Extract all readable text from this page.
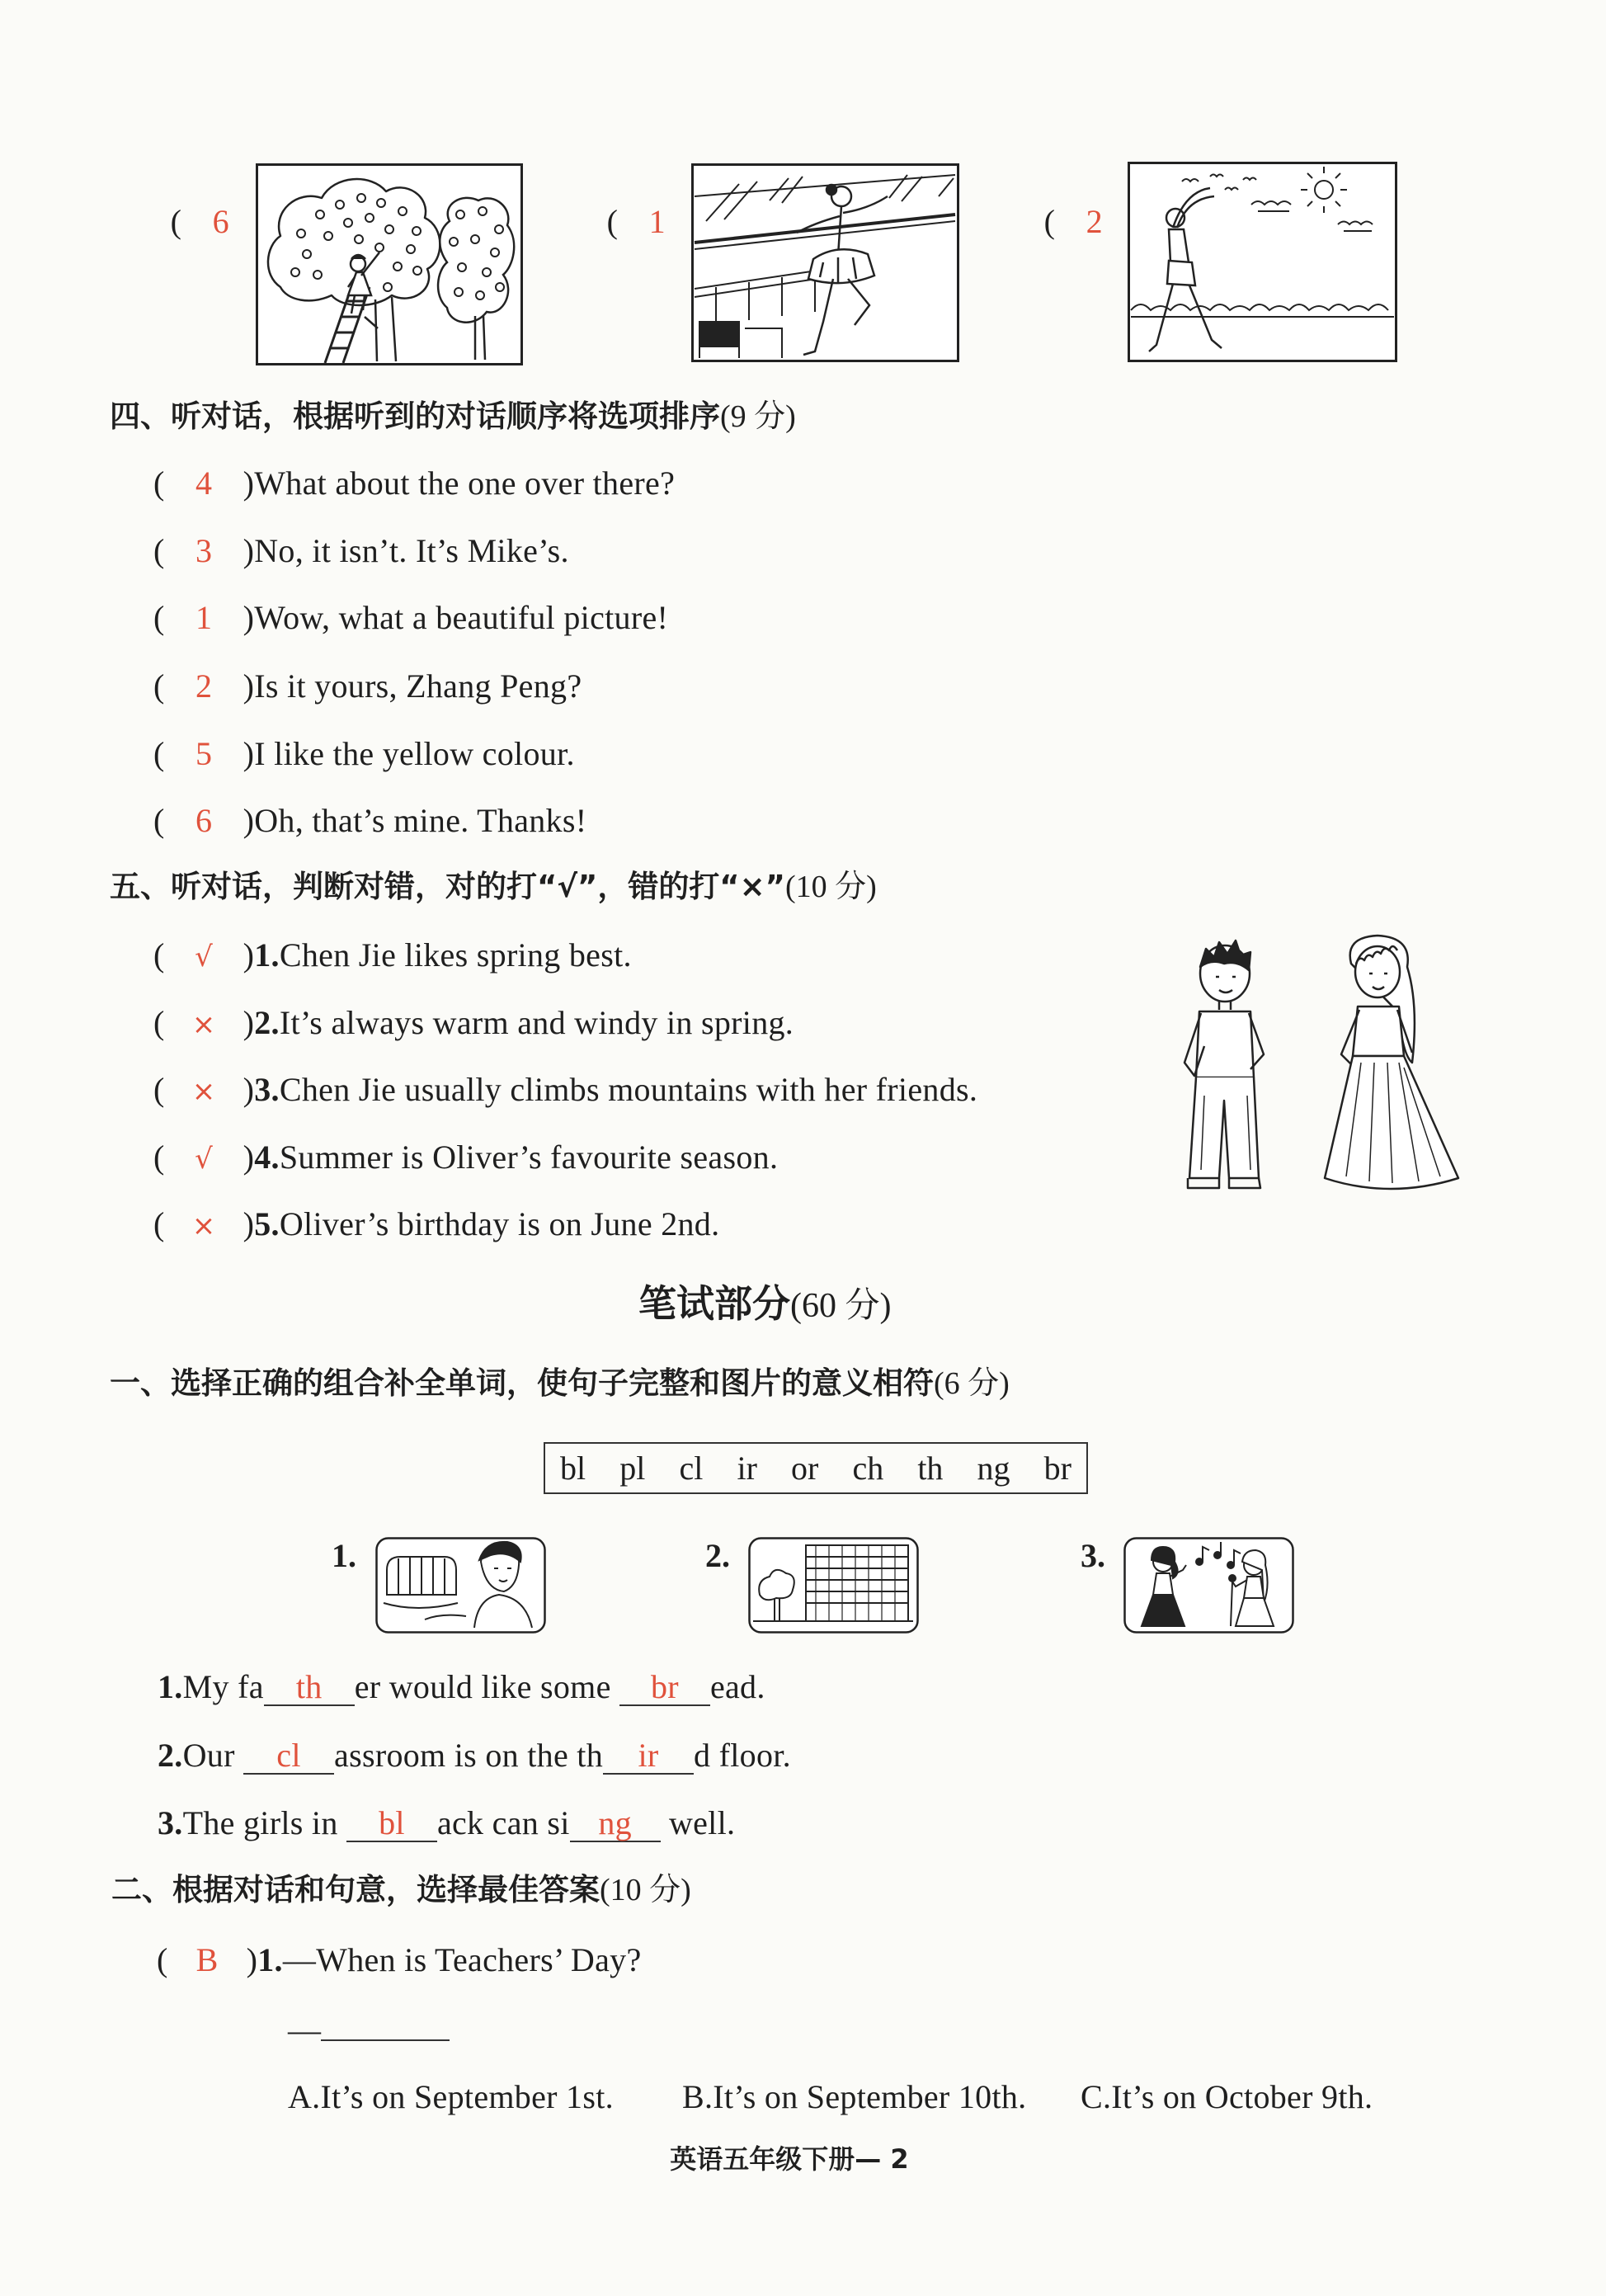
( 6	( 1	( 2

四、听对话，根据听到的对话顺序将选项排序(9 分)
( 4 )What about the one over there?
( 3 )No, it isn’t. It’s Mike’s.
( 1 )Wow, what a beautiful picture!
( 2 )Is it yours, Zhang Peng?
( 5 )I like the yellow colour.
( 6 )Oh, that’s mine. Thanks!
五、听对话，判断对错，对的打“√”，错的打“×”(10 分)
( √ )1.Chen Jie likes spring best.
( × )2.It’s always warm and windy in spring.
( × )3.Chen Jie usually climbs mountains with her friends.
( √ )4.Summer is Oliver’s favourite season.
( × )5.Oliver’s birthday is on June 2nd.
笔试部分(60 分)
一、选择正确的组合补全单词，使句子完整和图片的意义相符(6 分)
bl pl cl ir or ch th ng br
1.	2.	3.
1.My fa th er would like some br ead.
2.Our cl assroom is on the th ir d floor.
3.The girls in bl ack can si ng well.
二、根据对话和句意，选择最佳答案(10 分)
( B )1.—When is Teachers’ Day?
—
A.It’s on September 1st. B.It’s on September 10th. C.It’s on October 9th.
英语五年级下册— 2
